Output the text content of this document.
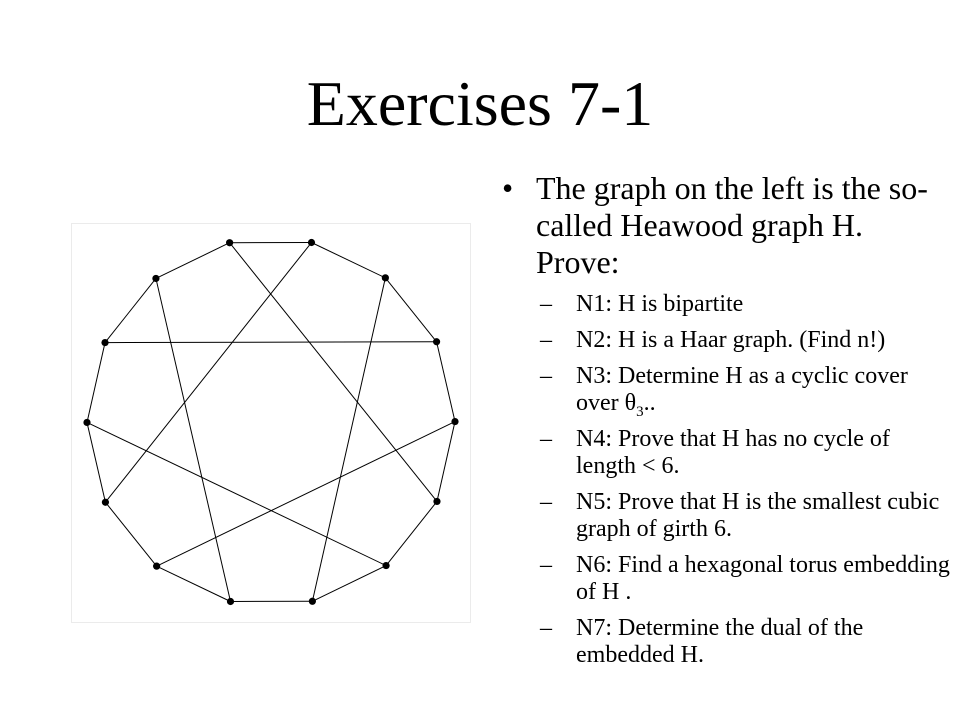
Exercises 7-1
• The graph on the left is the so-called Heawood graph H. Prove:
– N1: H is bipartite
– N2: H is a Haar graph. (Find n!)
– N3: Determine H as a cyclic cover over $\theta_3$..
– N4: Prove that H has no cycle of length < 6.
– N5: Prove that H is the smallest cubic graph of girth 6.
– N6: Find a hexagonal torus embedding of H .
– N7: Determine the dual of the embedded H.
